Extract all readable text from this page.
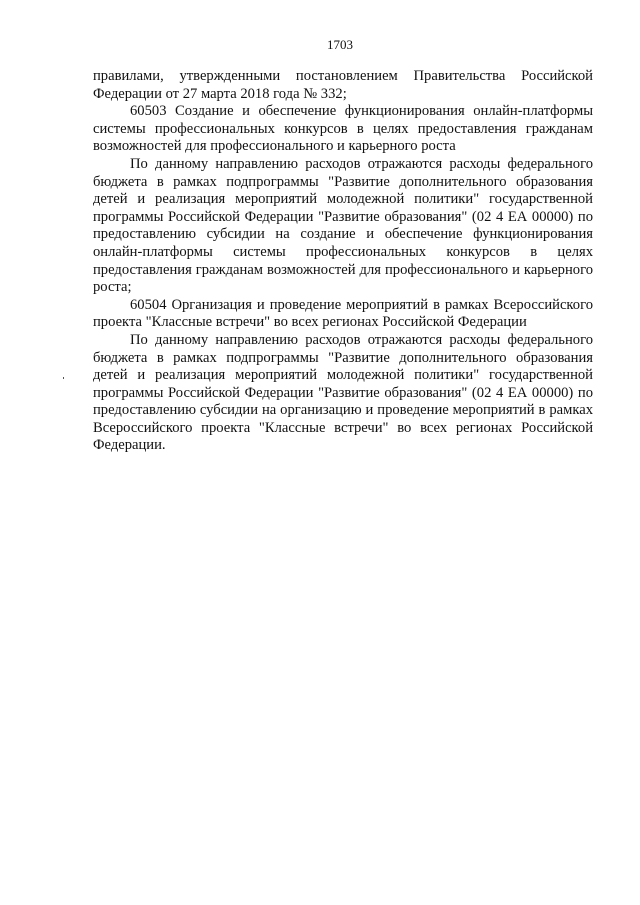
1703

правилами, утвержденными постановлением Правительства Российской Федерации от 27 марта 2018 года № 332;

60503 Создание и обеспечение функционирования онлайн-платформы системы профессиональных конкурсов в целях предоставления гражданам возможностей для профессионального и карьерного роста

По данному направлению расходов отражаются расходы федерального бюджета в рамках подпрограммы "Развитие дополнительного образования детей и реализация мероприятий молодежной политики" государственной программы Российской Федерации "Развитие образования" (02 4 ЕА 00000) по предоставлению субсидии на создание и обеспечение функционирования онлайн-платформы системы профессиональных конкурсов в целях предоставления гражданам возможностей для профессионального и карьерного роста;

60504 Организация и проведение мероприятий в рамках Всероссийского проекта "Классные встречи" во всех регионах Российской Федерации

По данному направлению расходов отражаются расходы федерального бюджета в рамках подпрограммы "Развитие дополнительного образования детей и реализация мероприятий молодежной политики" государственной программы Российской Федерации "Развитие образования" (02 4 ЕА 00000) по предоставлению субсидии на организацию и проведение мероприятий в рамках Всероссийского проекта "Классные встречи" во всех регионах Российской Федерации.
